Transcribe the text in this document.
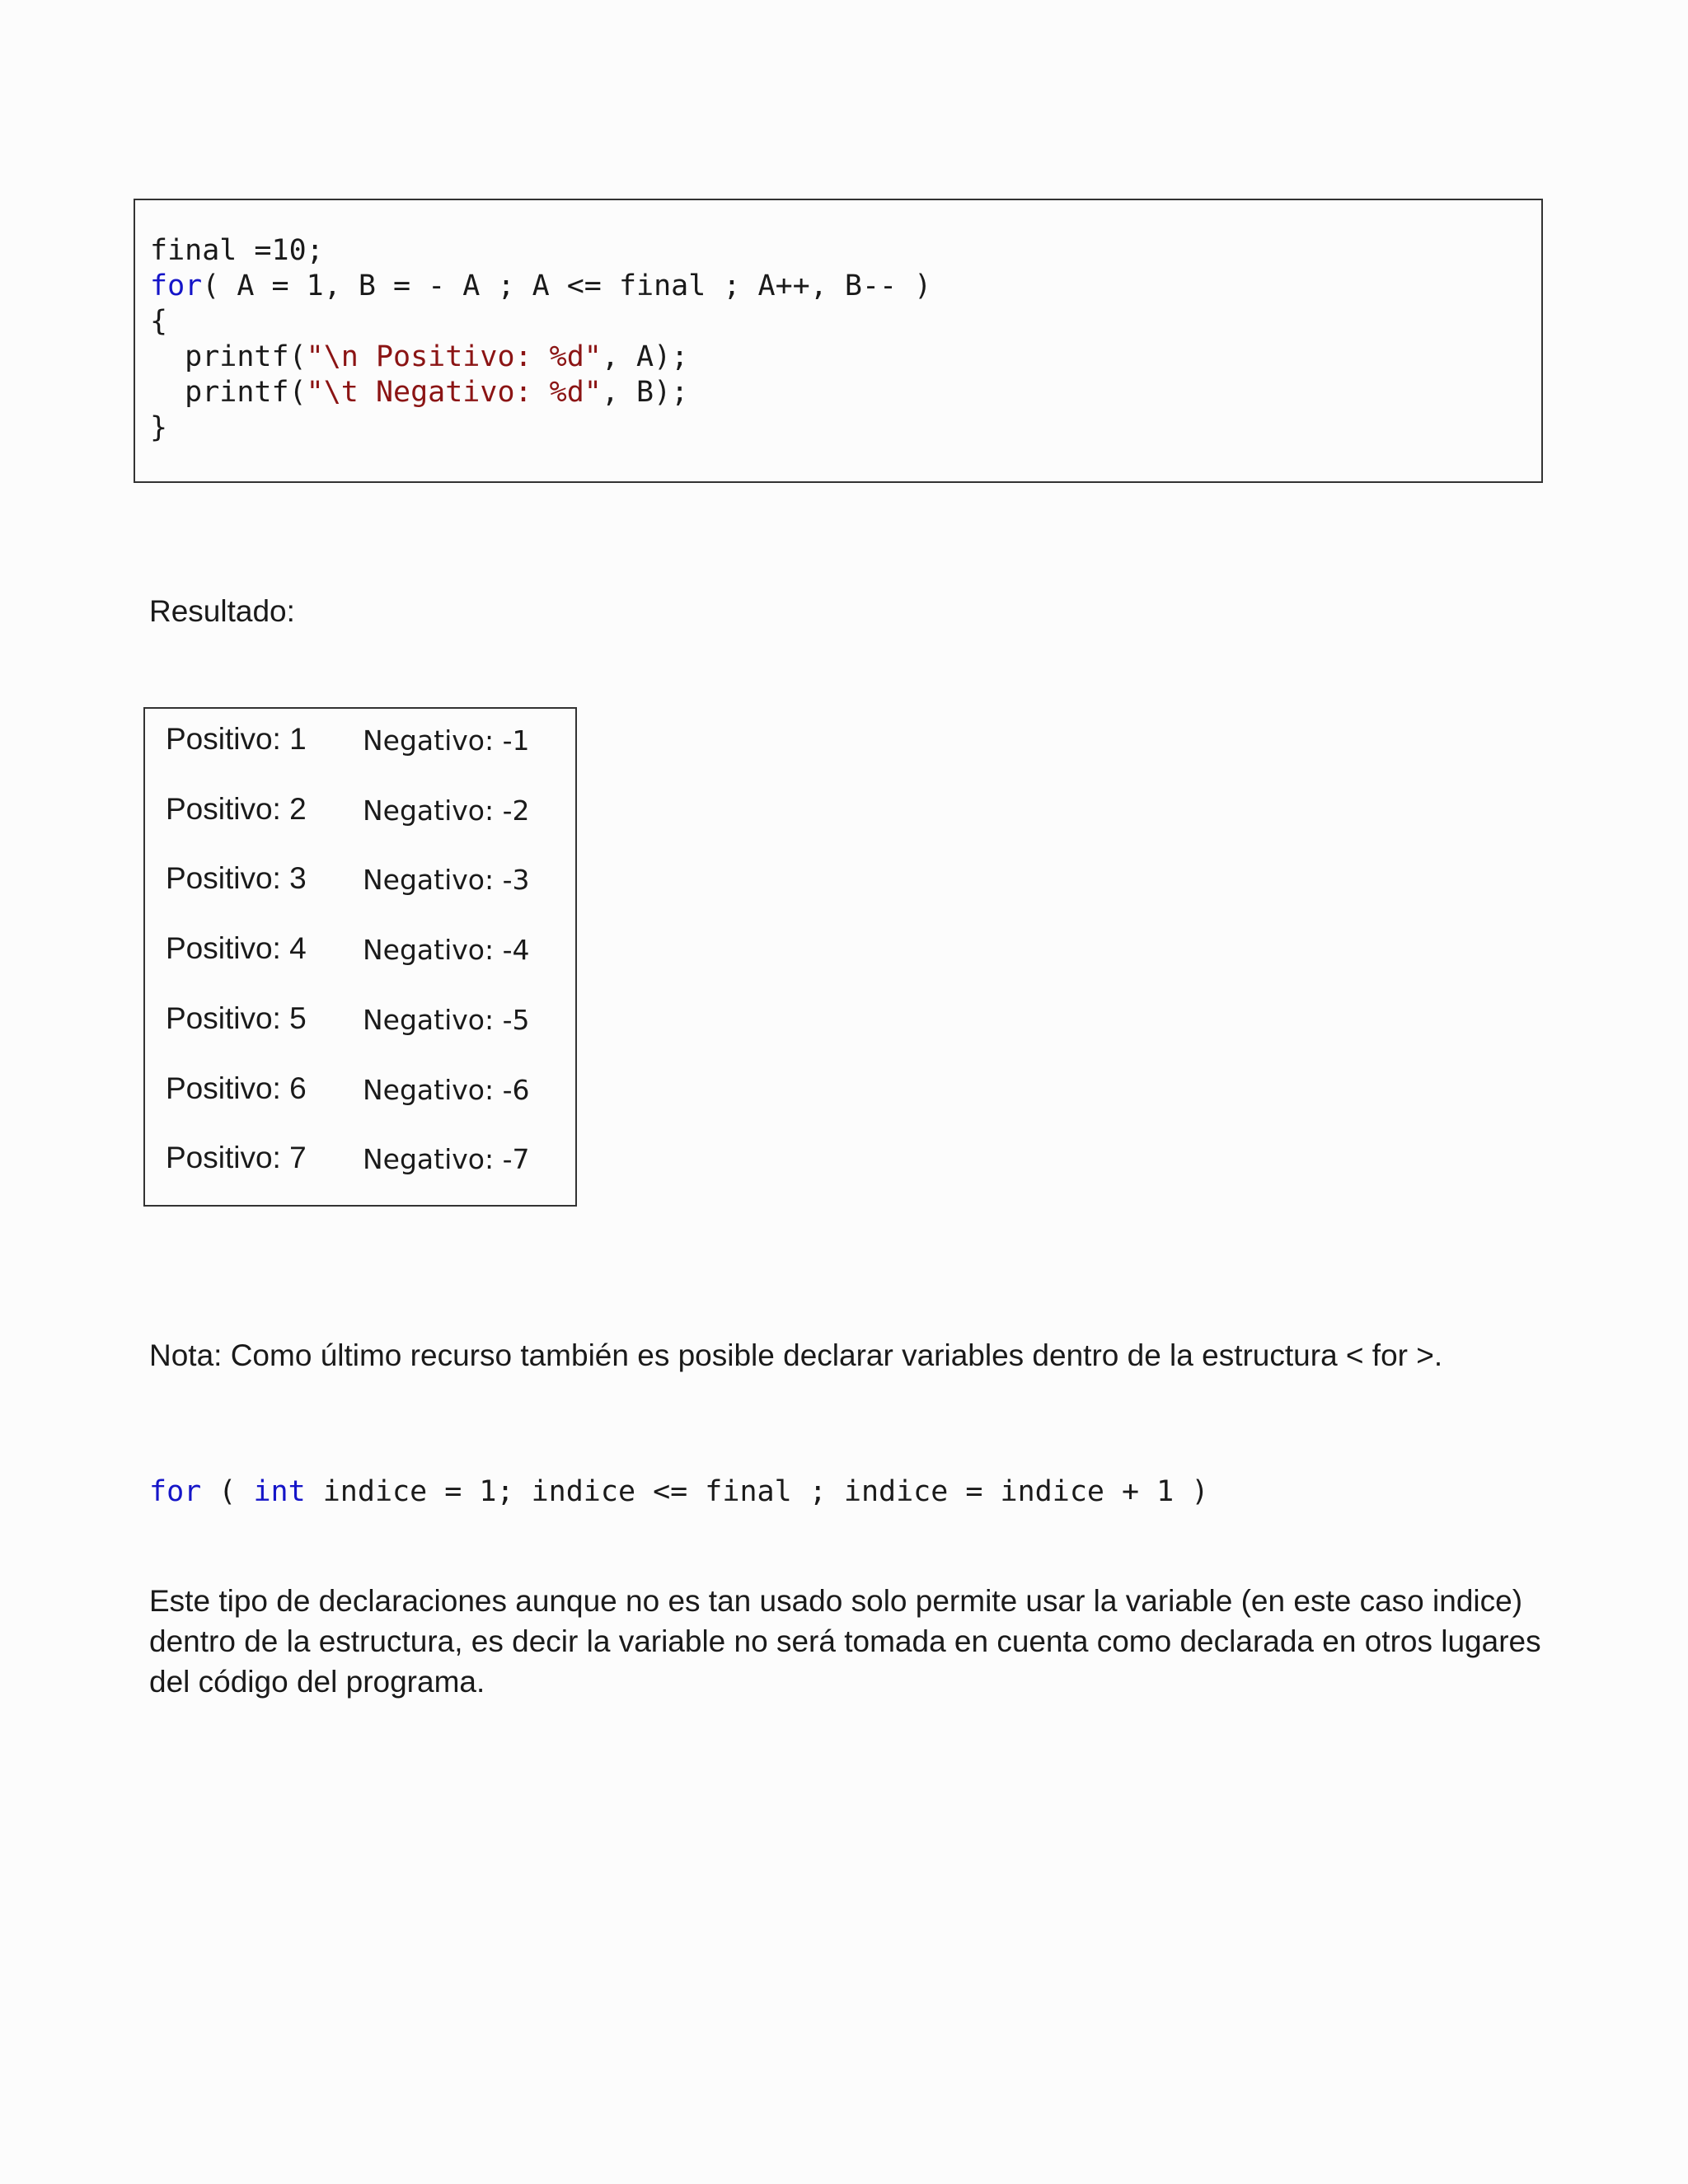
final =10;
for( A = 1, B = - A ; A <= final ; A++, B-- )
{
printf("\n Positivo: %d", A);
printf("\t Negativo: %d", B);
}
Resultado:
Positivo: 1 Negativo: -1
Positivo: 2 Negativo: -2
Positivo: 3 Negativo: -3
Positivo: 4 Negativo: -4
Positivo: 5 Negativo: -5
Positivo: 6 Negativo: -6
Positivo: 7 Negativo: -7
Nota: Como último recurso también es posible declarar variables dentro de la estructura < for >.
for ( int indice = 1; indice <= final ; indice = indice + 1 )
Este tipo de declaraciones aunque no es tan usado solo permite usar la variable (en este caso indice)
dentro de la estructura, es decir la variable no será tomada en cuenta como declarada en otros lugares
del código del programa.
